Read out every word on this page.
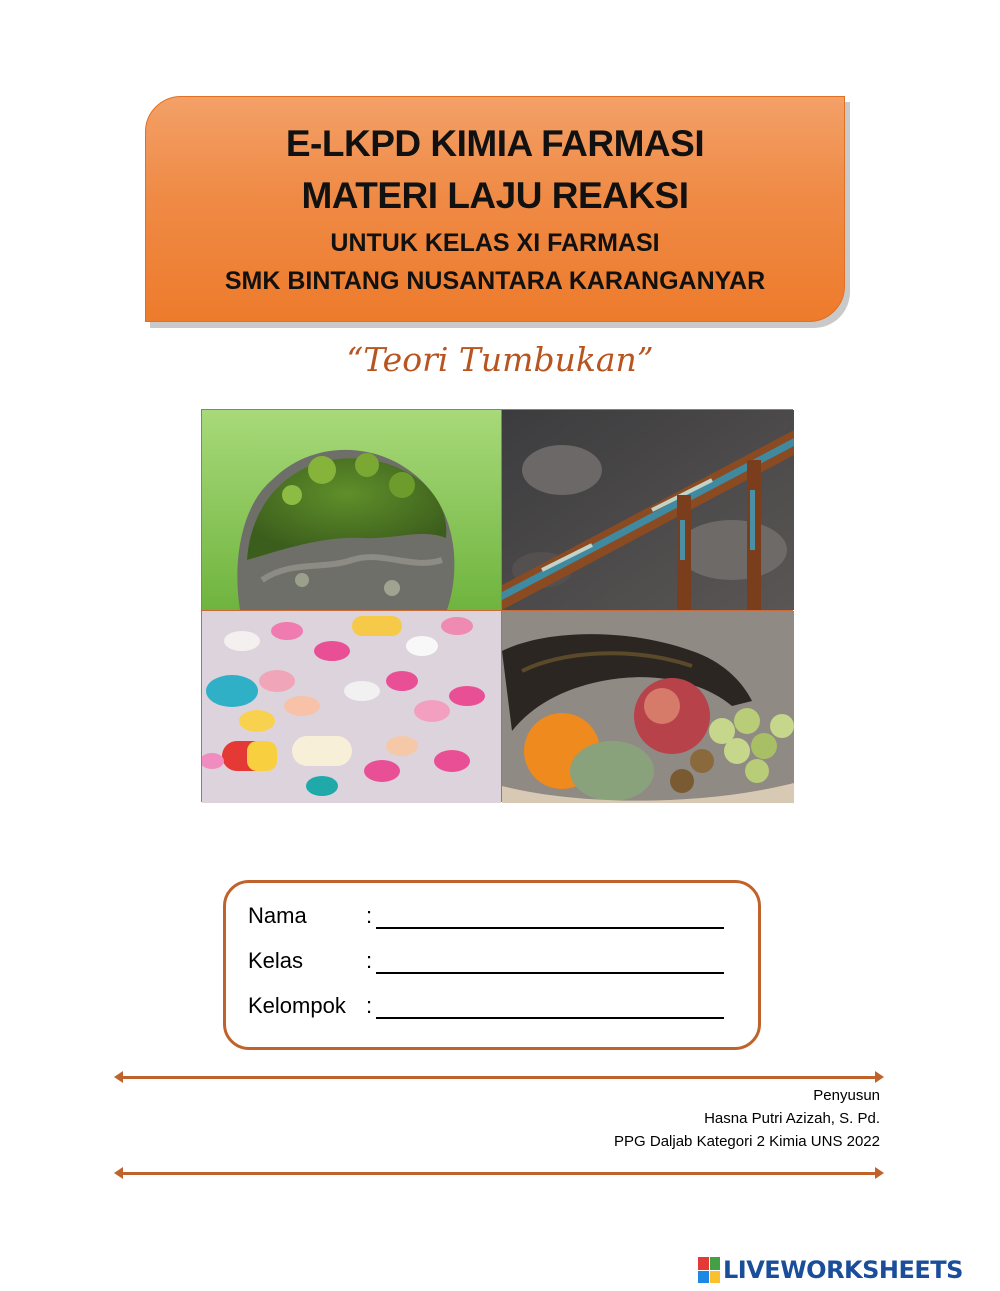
E-LKPD KIMIA FARMASI
MATERI LAJU REAKSI
UNTUK KELAS XI FARMASI
SMK BINTANG NUSANTARA KARANGANYAR
“Teori Tumbukan”
Nama	:
Kelas	:
Kelompok :
Penyusun
Hasna Putri Azizah, S. Pd.
PPG Daljab Kategori 2 Kimia UNS 2022
LIVEWORKSHEETS
